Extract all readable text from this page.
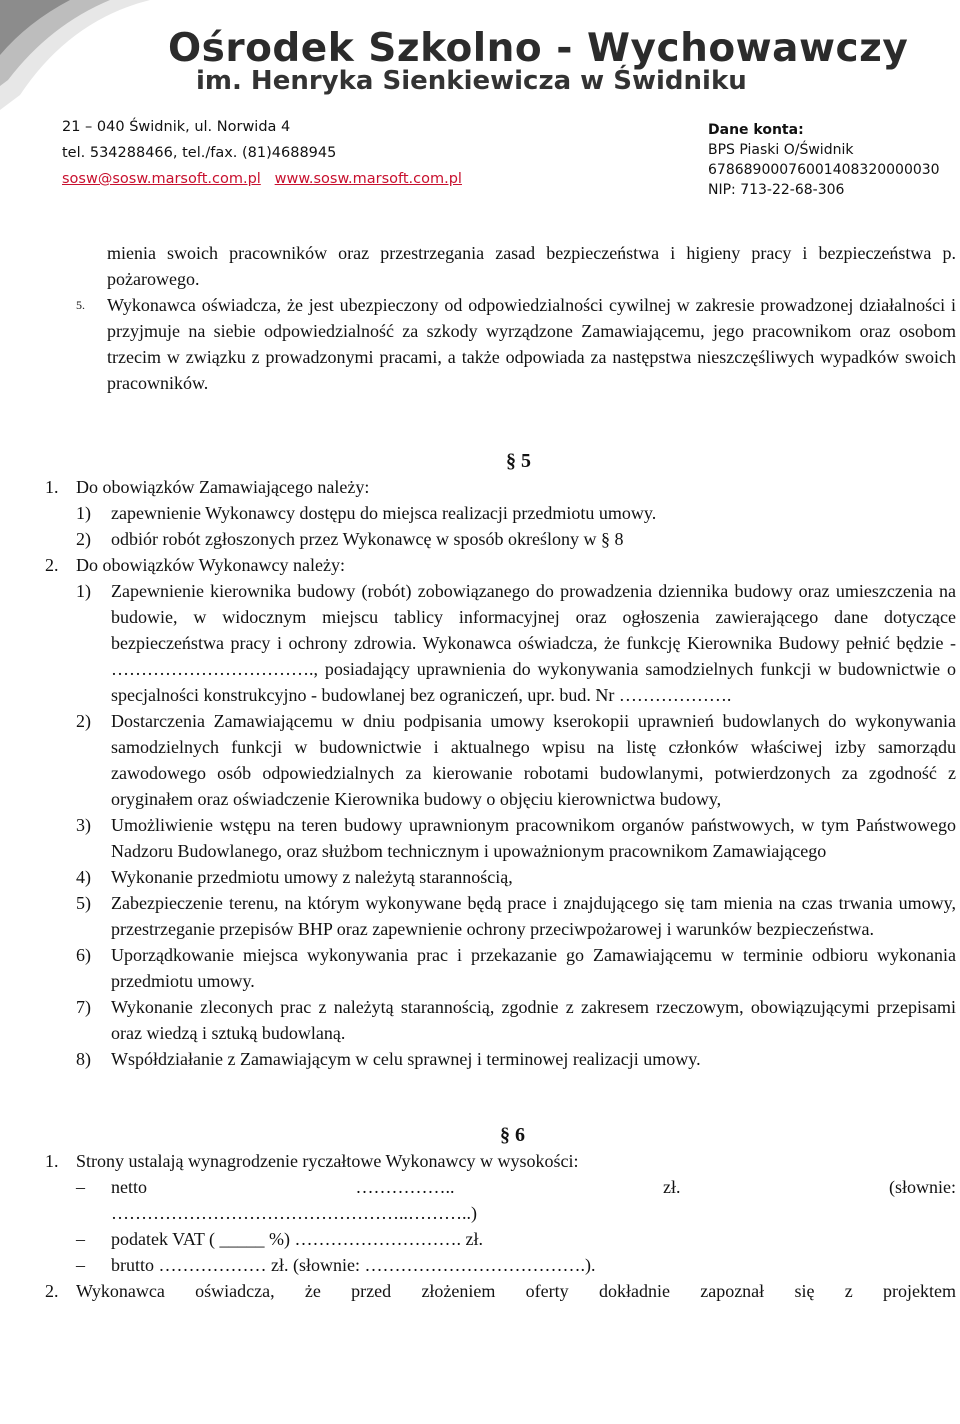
Ośrodek Szkolno - Wychowawczy
im. Henryka Sienkiewicza w Świdniku
21 – 040 Świdnik, ul. Norwida 4
tel. 534288466, tel./fax. (81)4688945
sosw@sosw.marsoft.com.pl www.sosw.marsoft.com.pl
Dane konta:
BPS Piaski O/Świdnik
67868900076001408320000030
NIP: 713-22-68-306

mienia swoich pracowników oraz przestrzegania zasad bezpieczeństwa i higieny pracy i bezpieczeństwa p. pożarowego.

5.	Wykonawca oświadcza, że jest ubezpieczony od odpowiedzialności cywilnej w zakresie prowadzonej działalności i przyjmuje na siebie odpowiedzialność za szkody wyrządzone Zamawiającemu, jego pracownikom oraz osobom trzecim w związku z prowadzonymi pracami, a także odpowiada za następstwa nieszczęśliwych wypadków swoich pracowników.
§ 5
1. Do obowiązków Zamawiającego należy:
1)	zapewnienie Wykonawcy dostępu do miejsca realizacji przedmiotu umowy.
2)	odbiór robót zgłoszonych przez Wykonawcę w sposób określony w § 8
2. Do obowiązków Wykonawcy należy:
1)	Zapewnienie kierownika budowy (robót) zobowiązanego do prowadzenia dziennika budowy oraz umieszczenia na budowie, w widocznym miejscu tablicy informacyjnej oraz ogłoszenia zawierającego dane dotyczące bezpieczeństwa pracy i ochrony zdrowia. Wykonawca oświadcza, że funkcję Kierownika Budowy pełnić będzie - ……………………………., posiadający uprawnienia do wykonywania samodzielnych funkcji w budownictwie o specjalności konstrukcyjno - budowlanej bez ograniczeń, upr. bud. Nr ……………….
2)	Dostarczenia Zamawiającemu w dniu podpisania umowy kserokopii uprawnień budowlanych do wykonywania samodzielnych funkcji w budownictwie i aktualnego wpisu na listę członków właściwej izby samorządu zawodowego osób odpowiedzialnych za kierowanie robotami budowlanymi, potwierdzonych za zgodność z oryginałem oraz oświadczenie Kierownika budowy o objęciu kierownictwa budowy,
3)	Umożliwienie wstępu na teren budowy uprawnionym pracownikom organów państwowych, w tym Państwowego Nadzoru Budowlanego, oraz służbom technicznym i upoważnionym pracownikom Zamawiającego
4)	Wykonanie przedmiotu umowy z należytą starannością,
5)	Zabezpieczenie terenu, na którym wykonywane będą prace i znajdującego się tam mienia na czas trwania umowy, przestrzeganie przepisów BHP oraz zapewnienie ochrony przeciwpożarowej i warunków bezpieczeństwa.
6)	Uporządkowanie miejsca wykonywania prac i przekazanie go Zamawiającemu w terminie odbioru wykonania przedmiotu umowy.
7)	Wykonanie zleconych prac z należytą starannością, zgodnie z zakresem rzeczowym, obowiązującymi przepisami oraz wiedzą i sztuką budowlaną.
8)	Współdziałanie z Zamawiającym w celu sprawnej i terminowej realizacji umowy.
§ 6
1. Strony ustalają wynagrodzenie ryczałtowe Wykonawcy w wysokości:
–	netto	……………..	zł.	(słownie:
…………………………………………..………..)
–	podatek VAT ( _____ %) ………………………. zł.
–	brutto ……………… zł. (słownie: ……………………………….).
2. Wykonawca oświadcza, że przed złożeniem oferty dokładnie zapoznał się z projektem
